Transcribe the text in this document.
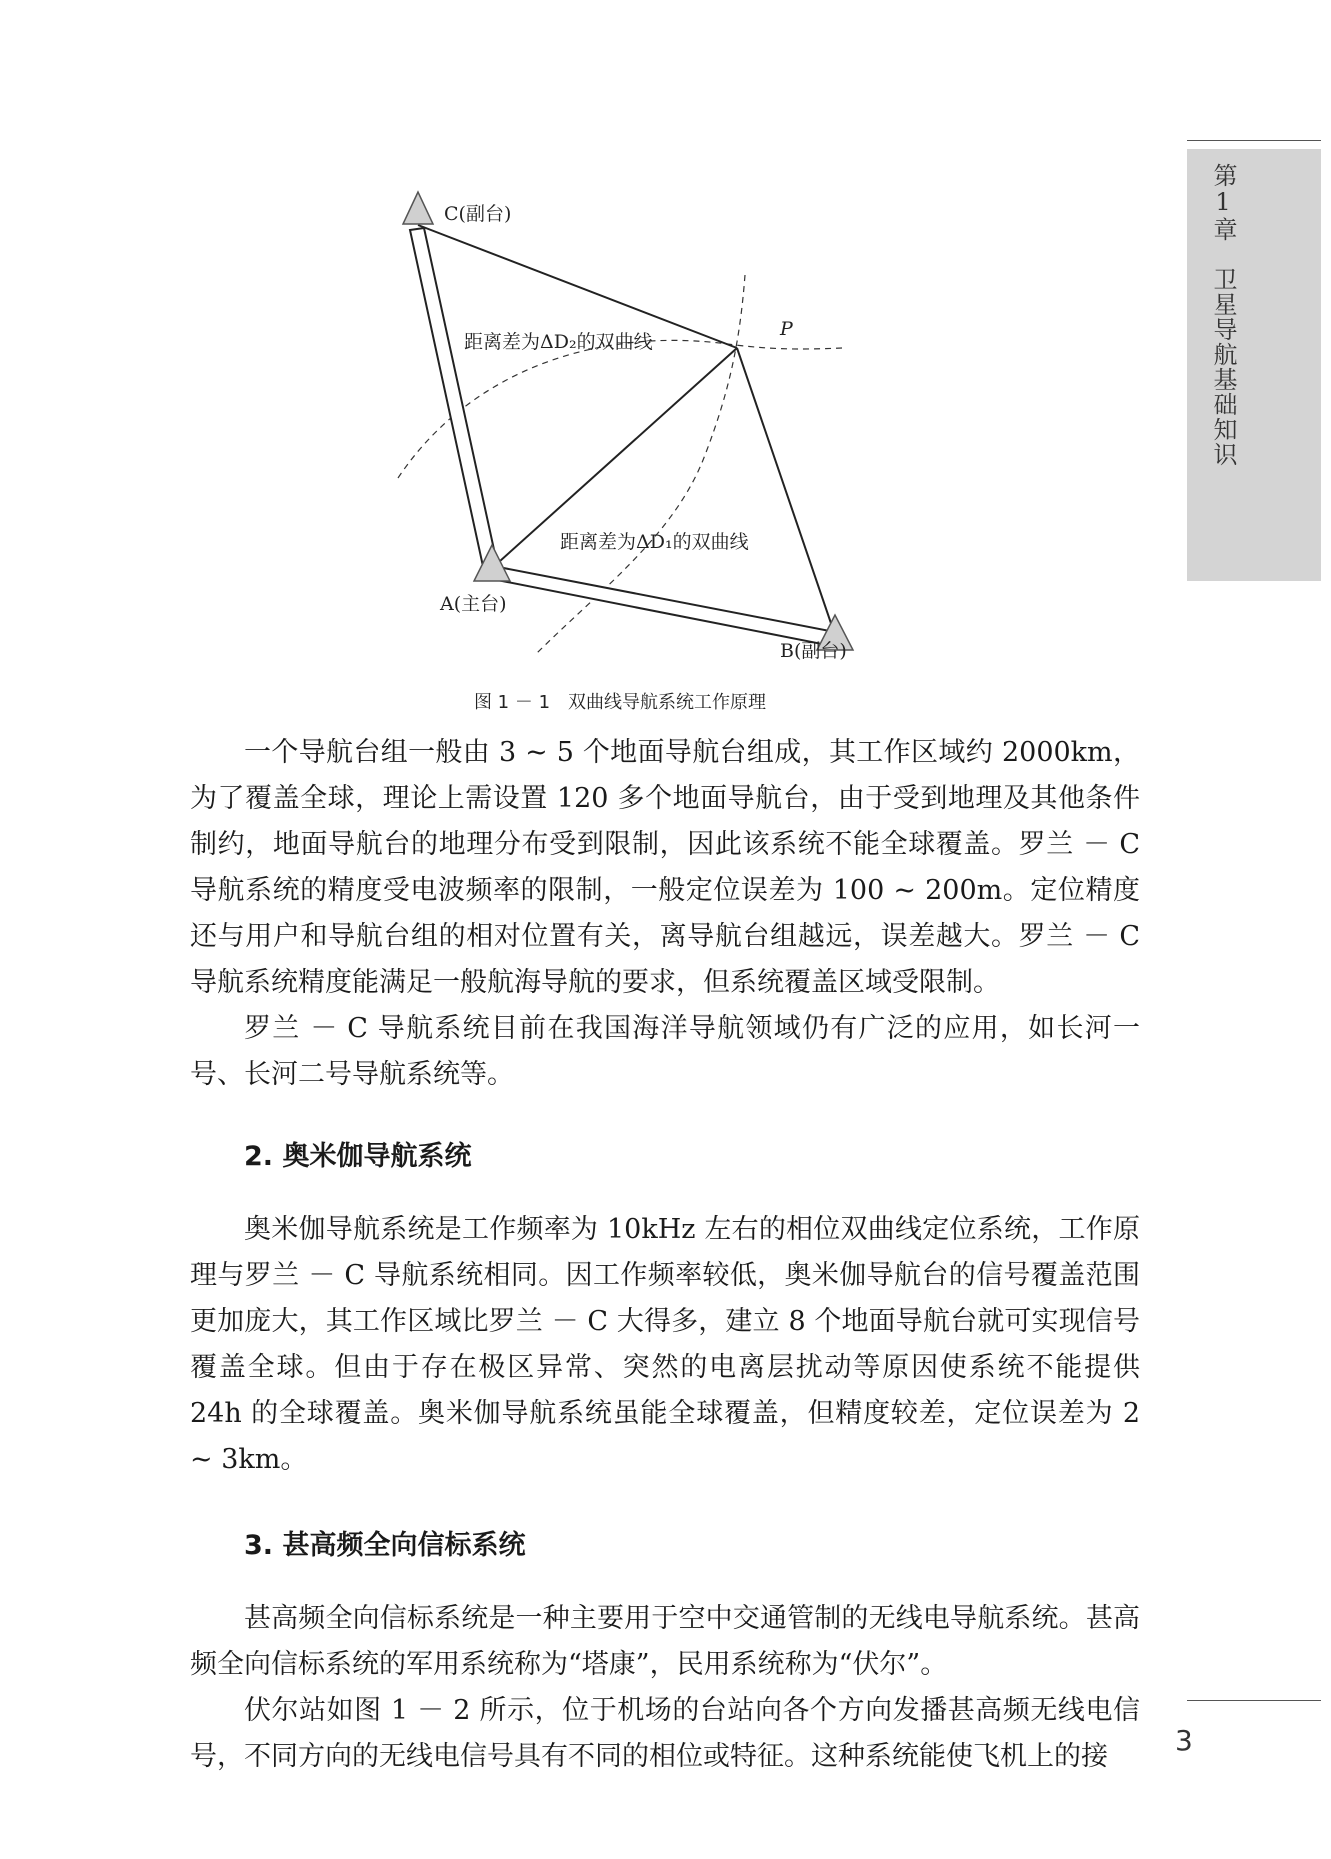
第1章　卫星导航基础知识
3
C(副台)
A(主台)
B(副台)
P
距离差为ΔD₂的双曲线
距离差为ΔD₁的双曲线
图 1 － 1　双曲线导航系统工作原理

一个导航台组一般由 3 ~ 5 个地面导航台组成，其工作区域约 2000km，为了覆盖全球，理论上需设置 120 多个地面导航台，由于受到地理及其他条件制约，地面导航台的地理分布受到限制，因此该系统不能全球覆盖。罗兰 － C 导航系统的精度受电波频率的限制，一般定位误差为 100 ~ 200m。定位精度还与用户和导航台组的相对位置有关，离导航台组越远，误差越大。罗兰 － C 导航系统精度能满足一般航海导航的要求，但系统覆盖区域受限制。

罗兰 － C 导航系统目前在我国海洋导航领域仍有广泛的应用，如长河一号、长河二号导航系统等。

2. 奥米伽导航系统

奥米伽导航系统是工作频率为 10kHz 左右的相位双曲线定位系统，工作原理与罗兰 － C 导航系统相同。因工作频率较低，奥米伽导航台的信号覆盖范围更加庞大，其工作区域比罗兰 － C 大得多，建立 8 个地面导航台就可实现信号覆盖全球。但由于存在极区异常、突然的电离层扰动等原因使系统不能提供 24h 的全球覆盖。奥米伽导航系统虽能全球覆盖，但精度较差，定位误差为 2 ~ 3km。

3. 甚高频全向信标系统

甚高频全向信标系统是一种主要用于空中交通管制的无线电导航系统。甚高频全向信标系统的军用系统称为“塔康”，民用系统称为“伏尔”。

伏尔站如图 1 － 2 所示，位于机场的台站向各个方向发播甚高频无线电信号，不同方向的无线电信号具有不同的相位或特征。这种系统能使飞机上的接
